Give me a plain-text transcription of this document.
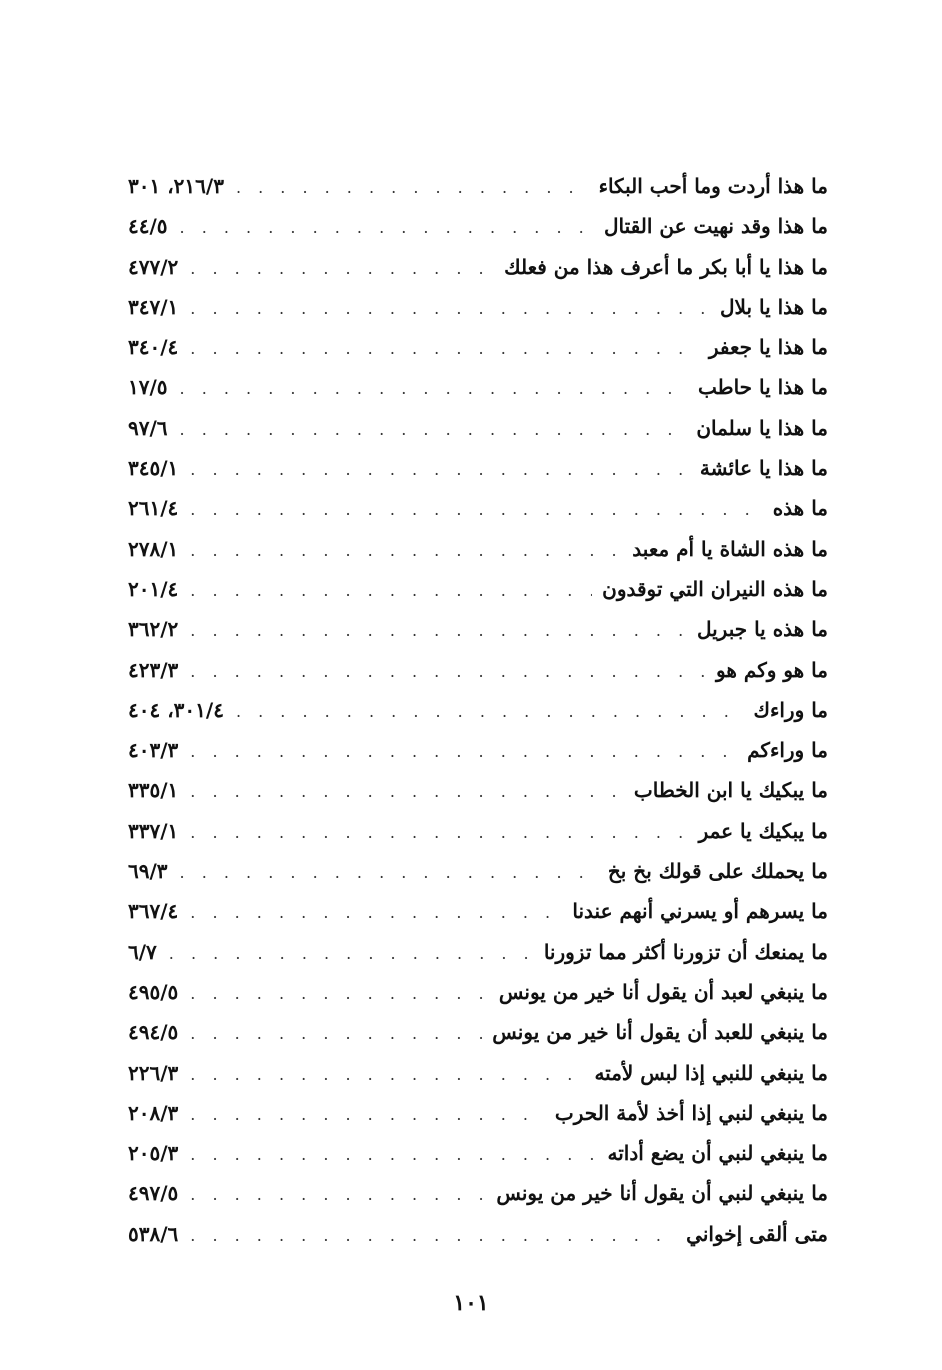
ما هذا أردت وما أحب البكاء
. . .
٢١٦/٣، ٣٠١
ما هذا وقد نهيت عن القتال
. . .
٤٤/٥
ما هذا يا أبا بكر ما أعرف هذا من فعلك
. . .
٤٧٧/٢
ما هذا يا بلال
. . .
٣٤٧/١
ما هذا يا جعفر
. . .
٣٤٠/٤
ما هذا يا حاطب
. . .
١٧/٥
ما هذا يا سلمان
. . .
٩٧/٦
ما هذا يا عائشة
. . .
٣٤٥/١
ما هذه
. . .
٢٦١/٤
ما هذه الشاة يا أم معبد
. . .
٢٧٨/١
ما هذه النيران التي توقدون
. . .
٢٠١/٤
ما هذه يا جبريل
. . .
٣٦٢/٢
ما هو وكم هو
. . .
٤٢٣/٣
ما وراءك
. . .
٣٠١/٤، ٤٠٤
ما وراءكم
. . .
٤٠٣/٣
ما يبكيك يا ابن الخطاب
. . .
٣٣٥/١
ما يبكيك يا عمر
. . .
٣٣٧/١
ما يحملك على قولك بخ بخ
. . .
٦٩/٣
ما يسرهم أو يسرني أنهم عندنا
. . .
٣٦٧/٤
ما يمنعك أن تزورنا أكثر مما تزورنا
. . .
٦/٧
ما ينبغي لعبد أن يقول أنا خير من يونس
. . .
٤٩٥/٥
ما ينبغي للعبد أن يقول أنا خير من يونس
. . .
٤٩٤/٥
ما ينبغي للنبي إذا لبس لأمته
. . .
٢٢٦/٣
ما ينبغي لنبي إذا أخذ لأمة الحرب
. . .
٢٠٨/٣
ما ينبغي لنبي أن يضع أداته
. . .
٢٠٥/٣
ما ينبغي لنبي أن يقول أنا خير من يونس
. . .
٤٩٧/٥
متى ألقى إخواني
. . .
٥٣٨/٦
١٠١
